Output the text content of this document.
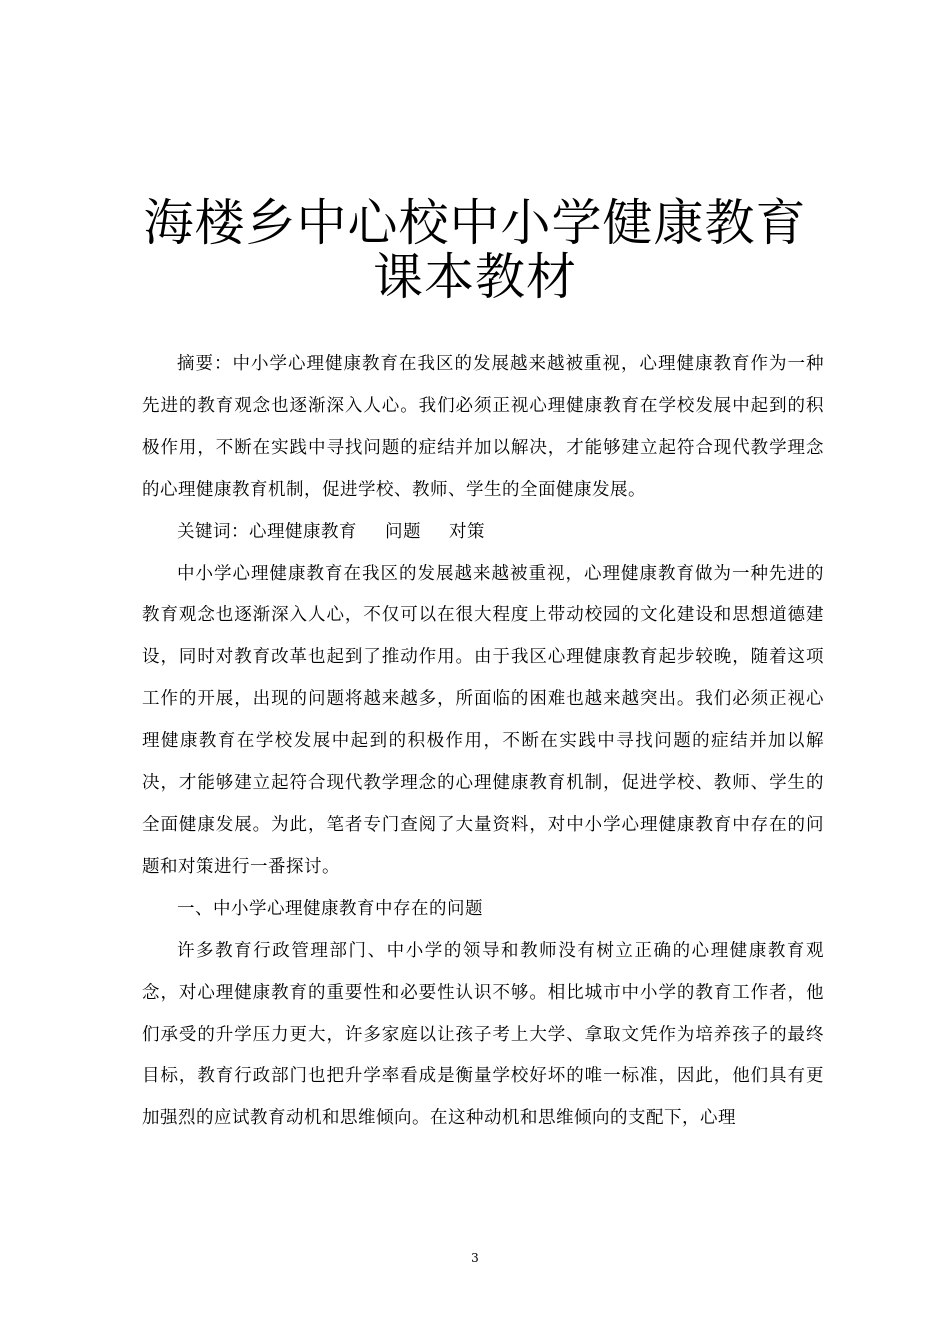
海楼乡中心校中小学健康教育
课本教材

摘要：中小学心理健康教育在我区的发展越来越被重视，心理健康教育作为一种先进的教育观念也逐渐深入人心。我们必须正视心理健康教育在学校发展中起到的积极作用，不断在实践中寻找问题的症结并加以解决，才能够建立起符合现代教学理念的心理健康教育机制，促进学校、教师、学生的全面健康发展。

关键词：心理健康教育 问题 对策

中小学心理健康教育在我区的发展越来越被重视，心理健康教育做为一种先进的教育观念也逐渐深入人心，不仅可以在很大程度上带动校园的文化建设和思想道德建设，同时对教育改革也起到了推动作用。由于我区心理健康教育起步较晚，随着这项工作的开展，出现的问题将越来越多，所面临的困难也越来越突出。我们必须正视心理健康教育在学校发展中起到的积极作用，不断在实践中寻找问题的症结并加以解决，才能够建立起符合现代教学理念的心理健康教育机制，促进学校、教师、学生的全面健康发展。为此，笔者专门查阅了大量资料，对中小学心理健康教育中存在的问题和对策进行一番探讨。

一、中小学心理健康教育中存在的问题

许多教育行政管理部门、中小学的领导和教师没有树立正确的心理健康教育观念，对心理健康教育的重要性和必要性认识不够。相比城市中小学的教育工作者，他们承受的升学压力更大，许多家庭以让孩子考上大学、拿取文凭作为培养孩子的最终目标，教育行政部门也把升学率看成是衡量学校好坏的唯一标准，因此，他们具有更加强烈的应试教育动机和思维倾向。在这种动机和思维倾向的支配下，心理

3
